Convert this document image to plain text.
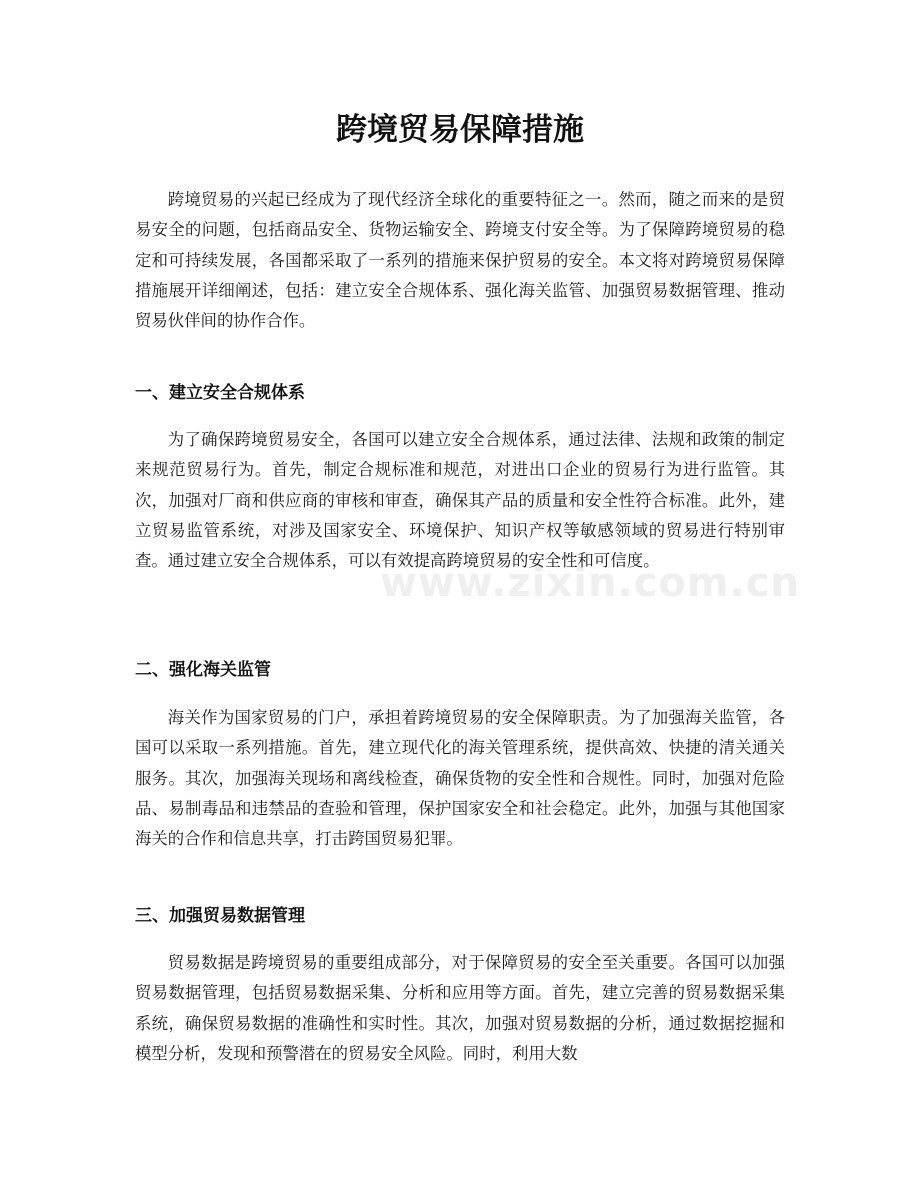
跨境贸易保障措施

跨境贸易的兴起已经成为了现代经济全球化的重要特征之一。然而，随之而来的是贸易安全的问题，包括商品安全、货物运输安全、跨境支付安全等。为了保障跨境贸易的稳定和可持续发展，各国都采取了一系列的措施来保护贸易的安全。本文将对跨境贸易保障措施展开详细阐述，包括：建立安全合规体系、强化海关监管、加强贸易数据管理、推动贸易伙伴间的协作合作。

一、建立安全合规体系

为了确保跨境贸易安全，各国可以建立安全合规体系，通过法律、法规和政策的制定来规范贸易行为。首先，制定合规标准和规范，对进出口企业的贸易行为进行监管。其次，加强对厂商和供应商的审核和审查，确保其产品的质量和安全性符合标准。此外，建立贸易监管系统，对涉及国家安全、环境保护、知识产权等敏感领域的贸易进行特别审查。通过建立安全合规体系，可以有效提高跨境贸易的安全性和可信度。

二、强化海关监管

海关作为国家贸易的门户，承担着跨境贸易的安全保障职责。为了加强海关监管，各国可以采取一系列措施。首先，建立现代化的海关管理系统，提供高效、快捷的清关通关服务。其次，加强海关现场和离线检查，确保货物的安全性和合规性。同时，加强对危险品、易制毒品和违禁品的查验和管理，保护国家安全和社会稳定。此外，加强与其他国家海关的合作和信息共享，打击跨国贸易犯罪。

三、加强贸易数据管理

贸易数据是跨境贸易的重要组成部分，对于保障贸易的安全至关重要。各国可以加强贸易数据管理，包括贸易数据采集、分析和应用等方面。首先，建立完善的贸易数据采集系统，确保贸易数据的准确性和实时性。其次，加强对贸易数据的分析，通过数据挖掘和模型分析，发现和预警潜在的贸易安全风险。同时，利用大数

www.zixin.com.cn
